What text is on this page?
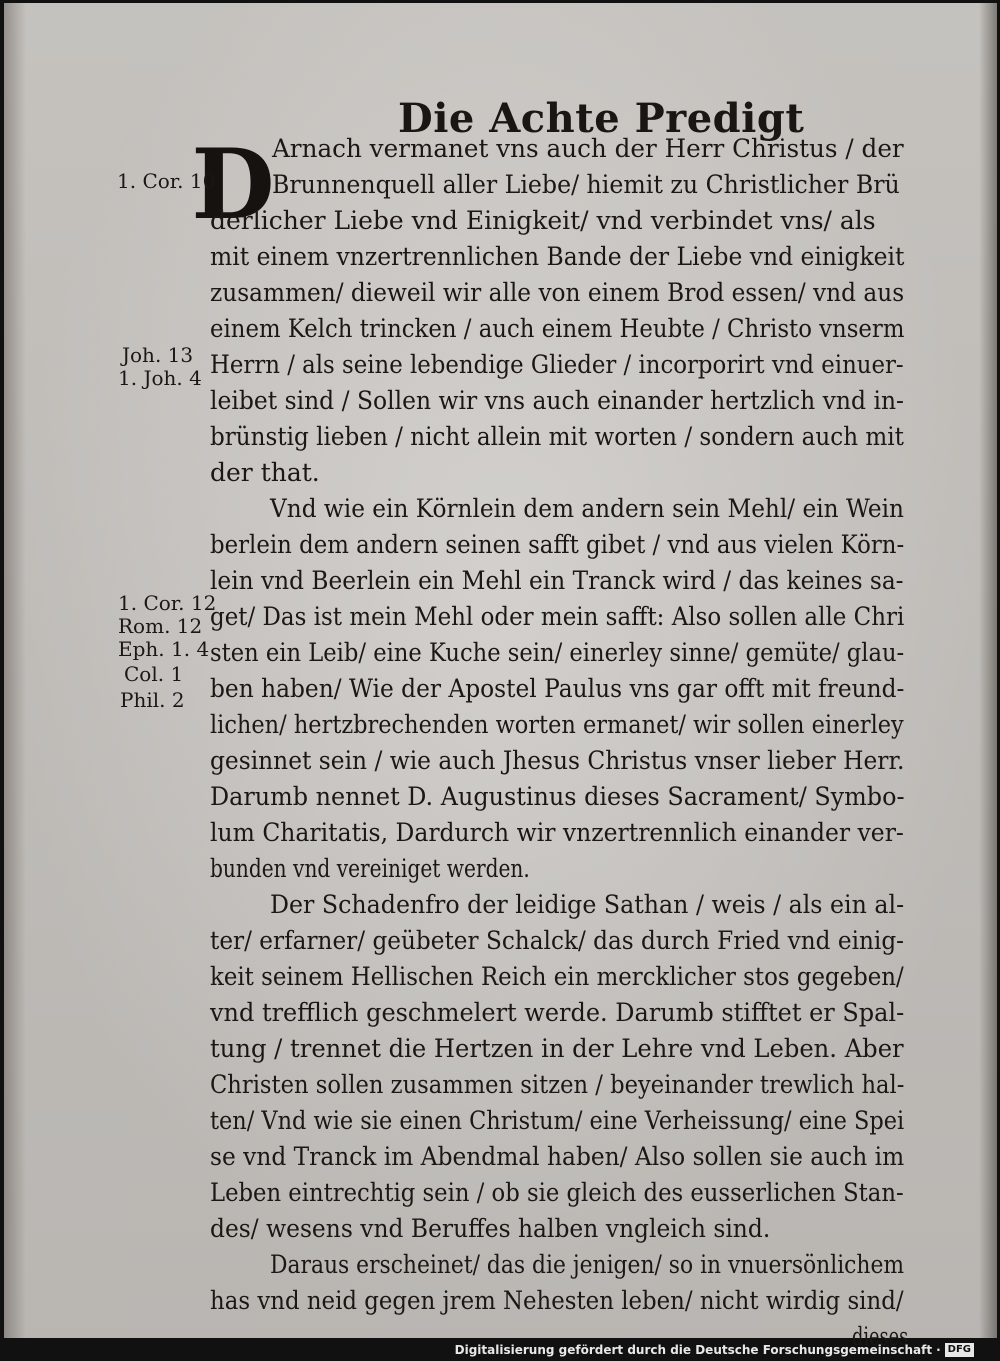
Die Achte Predigt
D
Arnach vermanet vns auch der Herr Christus / der
Brunnenquell aller Liebe/ hiemit zu Christlicher Brü
derlicher Liebe vnd Einigkeit/ vnd verbindet vns/ als
mit einem vnzertrennlichen Bande der Liebe vnd einigkeit
zusammen/ dieweil wir alle von einem Brod essen/ vnd aus
einem Kelch trincken / auch einem Heubte / Christo vnserm
Herrn / als seine lebendige Glieder / incorporirt vnd einuer-
leibet sind / Sollen wir vns auch einander hertzlich vnd in-
brünstig lieben / nicht allein mit worten / sondern auch mit
der that.
Vnd wie ein Körnlein dem andern sein Mehl/ ein Wein
berlein dem andern seinen safft gibet / vnd aus vielen Körn-
lein vnd Beerlein ein Mehl ein Tranck wird / das keines sa-
get/ Das ist mein Mehl oder mein safft: Also sollen alle Chri
sten ein Leib/ eine Kuche sein/ einerley sinne/ gemüte/ glau-
ben haben/ Wie der Apostel Paulus vns gar offt mit freund-
lichen/ hertzbrechenden worten ermanet/ wir sollen einerley
gesinnet sein / wie auch Jhesus Christus vnser lieber Herr.
Darumb nennet D. Augustinus dieses Sacrament/ Symbo-
lum Charitatis, Dardurch wir vnzertrennlich einander ver-
bunden vnd vereiniget werden.
Der Schadenfro der leidige Sathan / weis / als ein al-
ter/ erfarner/ geübeter Schalck/ das durch Fried vnd einig-
keit seinem Hellischen Reich ein mercklicher stos gegeben/
vnd trefflich geschmelert werde. Darumb stifftet er Spal-
tung / trennet die Hertzen in der Lehre vnd Leben. Aber
Christen sollen zusammen sitzen / beyeinander trewlich hal-
ten/ Vnd wie sie einen Christum/ eine Verheissung/ eine Spei
se vnd Tranck im Abendmal haben/ Also sollen sie auch im
Leben eintrechtig sein / ob sie gleich des eusserlichen Stan-
des/ wesens vnd Beruffes halben vngleich sind.
Daraus erscheinet/ das die jenigen/ so in vnuersönlichem
has vnd neid gegen jrem Nehesten leben/ nicht wirdig sind/
dieses
1. Cor. 10
Joh. 13
1. Joh. 4
1. Cor. 12
Rom. 12
Eph. 1. 4
Col. 1
Phil. 2
Digitalisierung gefördert durch die Deutsche Forschungsgemeinschaft · DFG
